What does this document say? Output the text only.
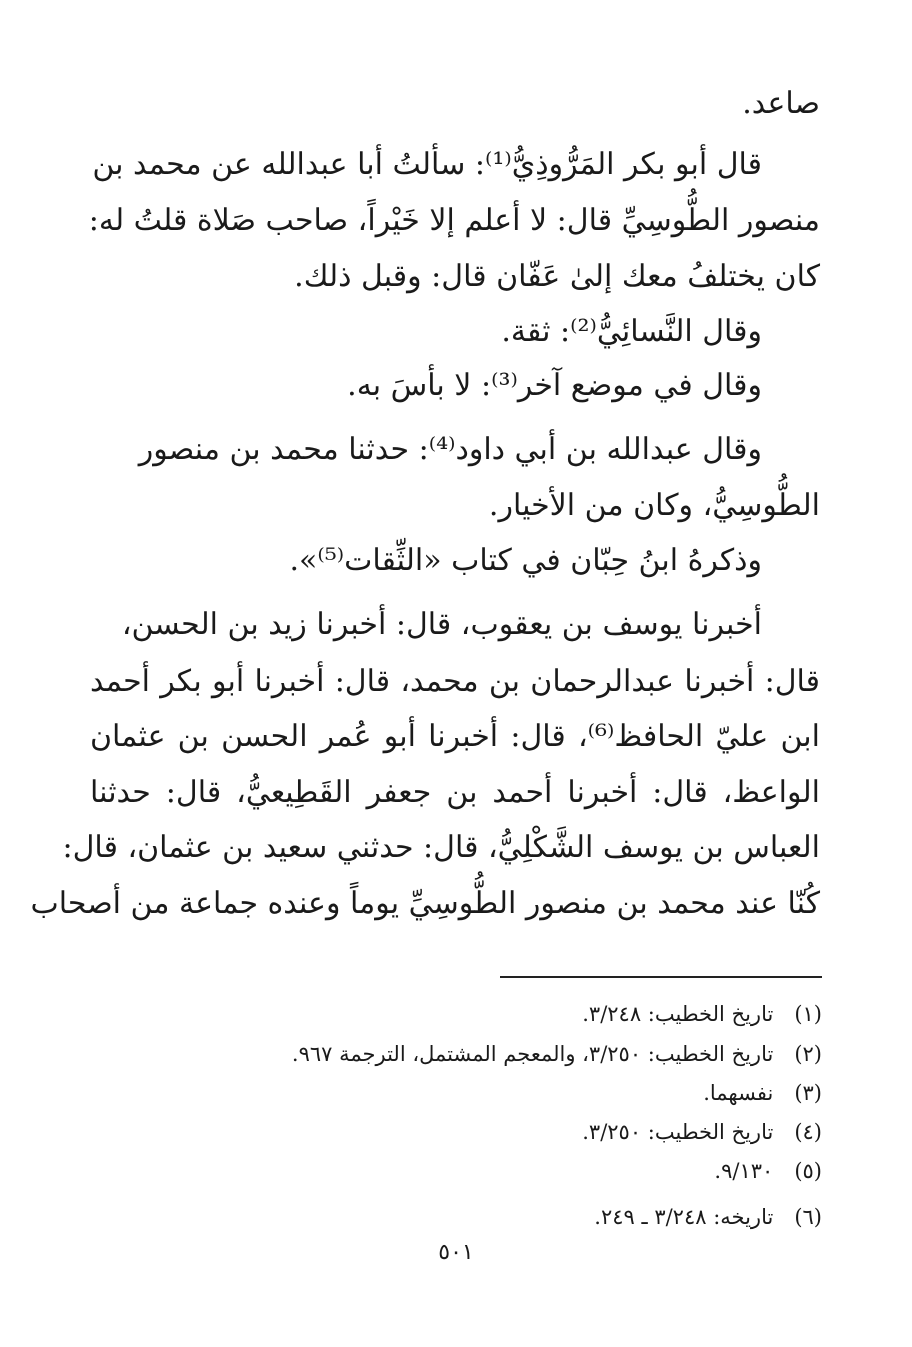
صاعد.
قال أبو بكر المَرُّوذِيُّ⁽¹⁾: سألتُ أبا عبدالله عن محمد بن
منصور الطُّوسِيِّ قال: لا أعلم إلا خَيْراً، صاحب صَلاة قلتُ له:
كان يختلفُ معك إلىٰ عَفّان قال: وقبل ذلك.
وقال النَّسائِيُّ⁽²⁾: ثقة.
وقال في موضع آخر⁽³⁾: لا بأسَ به.
وقال عبدالله بن أبي داود⁽⁴⁾: حدثنا محمد بن منصور
الطُّوسِيُّ، وكان من الأخيار.
وذكرهُ ابنُ حِبّان في كتاب «الثِّقات⁽⁵⁾».
أخبرنا يوسف بن يعقوب، قال: أخبرنا زيد بن الحسن،
قال: أخبرنا عبدالرحمان بن محمد، قال: أخبرنا أبو بكر أحمد
ابن عليّ الحافظ⁽⁶⁾، قال: أخبرنا أبو عُمر الحسن بن عثمان
الواعظ، قال: أخبرنا أحمد بن جعفر القَطِيعيُّ، قال: حدثنا
العباس بن يوسف الشَّكْلِيُّ، قال: حدثني سعيد بن عثمان، قال:
كُنّا عند محمد بن منصور الطُّوسِيِّ يوماً وعنده جماعة من أصحاب
(١) تاريخ الخطيب: ٣/٢٤٨.
(٢) تاريخ الخطيب: ٣/٢٥٠، والمعجم المشتمل، الترجمة ٩٦٧.
(٣) نفسهما.
(٤) تاريخ الخطيب: ٣/٢٥٠.
(٥) ٩/١٣٠.
(٦) تاريخه: ٣/٢٤٨ ـ ٢٤٩.
٥٠١
